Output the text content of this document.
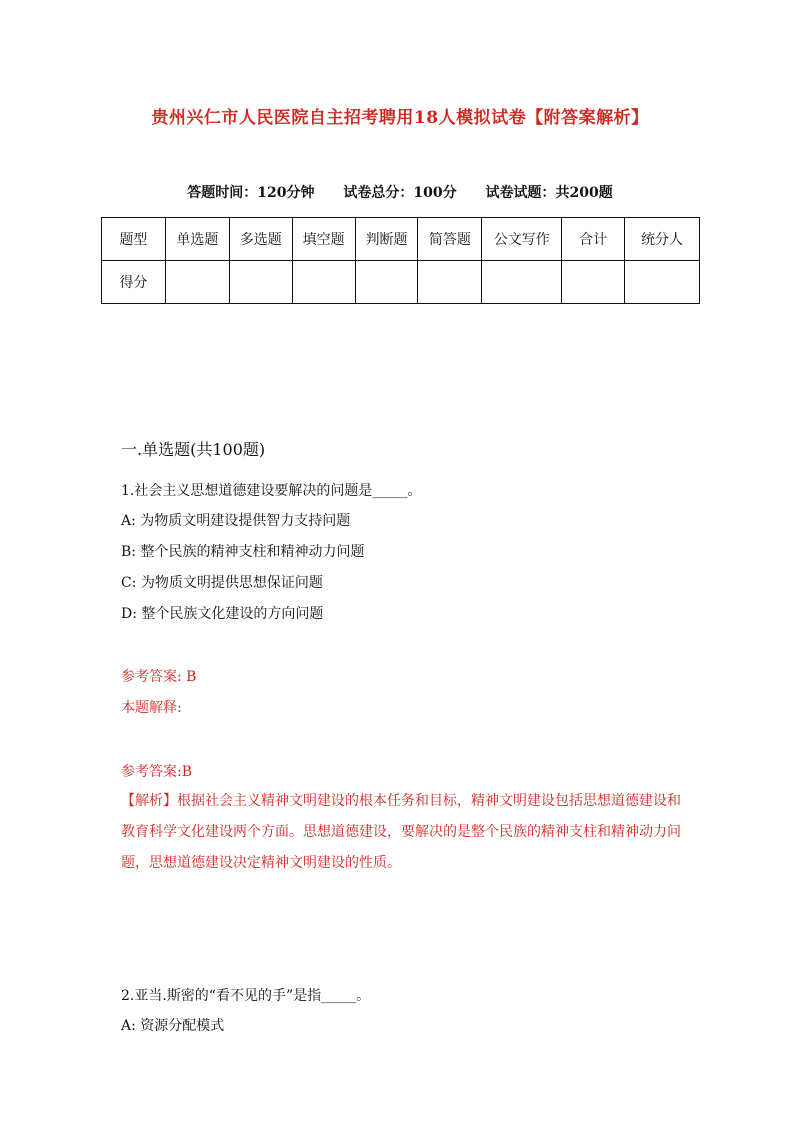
贵州兴仁市人民医院自主招考聘用18人模拟试卷【附答案解析】
答题时间：120分钟 试卷总分：100分 试卷试题：共200题
题型	单选题	多选题	填空题	判断题	简答题	公文写作	合计	统分人
得分								
一.单选题(共100题)
1.社会主义思想道德建设要解决的问题是_____。
A: 为物质文明建设提供智力支持问题
B: 整个民族的精神支柱和精神动力问题
C: 为物质文明提供思想保证问题
D: 整个民族文化建设的方向问题
参考答案: B
本题解释:
参考答案:B
【解析】根据社会主义精神文明建设的根本任务和目标，精神文明建设包括思想道德建设和教育科学文化建设两个方面。思想道德建设，要解决的是整个民族的精神支柱和精神动力问题，思想道德建设决定精神文明建设的性质。
2.亚当.斯密的“看不见的手”是指_____。
A: 资源分配模式
